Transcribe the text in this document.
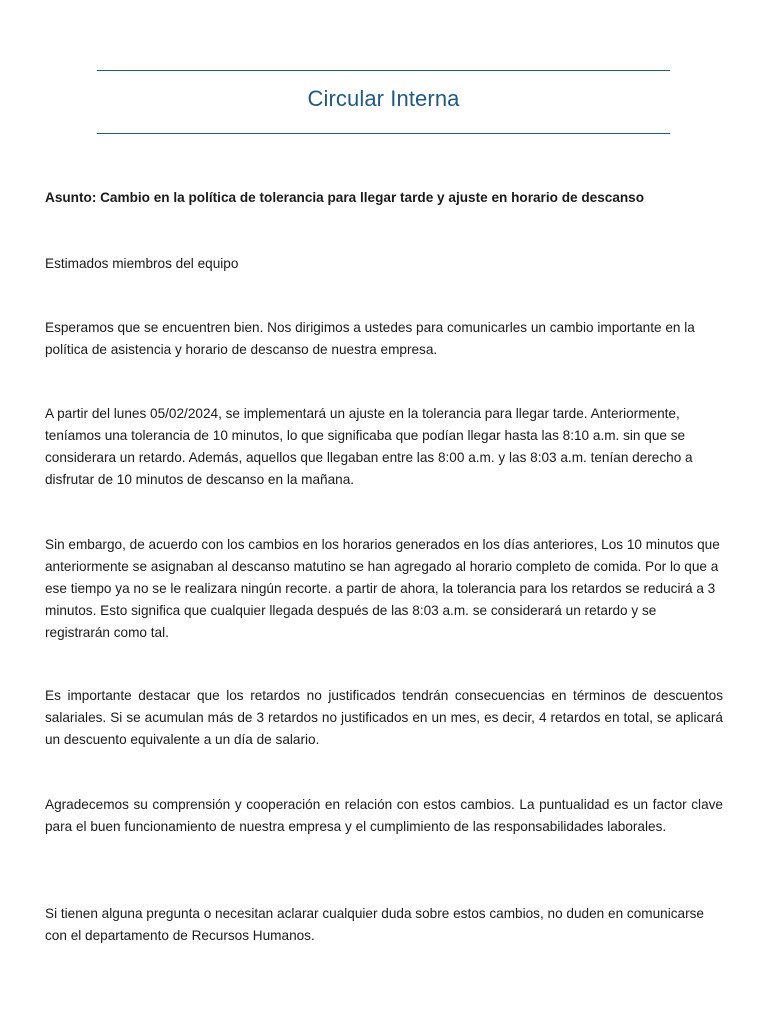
Circular Interna

Asunto: Cambio en la política de tolerancia para llegar tarde y ajuste en horario de descanso

Estimados miembros del equipo

Esperamos que se encuentren bien. Nos dirigimos a ustedes para comunicarles un cambio importante en la política de asistencia y horario de descanso de nuestra empresa.

A partir del lunes 05/02/2024, se implementará un ajuste en la tolerancia para llegar tarde. Anteriormente, teníamos una tolerancia de 10 minutos, lo que significaba que podían llegar hasta las 8:10 a.m. sin que se considerara un retardo. Además, aquellos que llegaban entre las 8:00 a.m. y las 8:03 a.m. tenían derecho a disfrutar de 10 minutos de descanso en la mañana.

Sin embargo, de acuerdo con los cambios en los horarios generados en los días anteriores, Los 10 minutos que anteriormente se asignaban al descanso matutino se han agregado al horario completo de comida. Por lo que a ese tiempo ya no se le realizara ningún recorte. a partir de ahora, la tolerancia para los retardos se reducirá a 3 minutos. Esto significa que cualquier llegada después de las 8:03 a.m. se considerará un retardo y se registrarán como tal.

Es importante destacar que los retardos no justificados tendrán consecuencias en términos de descuentos salariales. Si se acumulan más de 3 retardos no justificados en un mes, es decir, 4 retardos en total, se aplicará un descuento equivalente a un día de salario.

Agradecemos su comprensión y cooperación en relación con estos cambios. La puntualidad es un factor clave para el buen funcionamiento de nuestra empresa y el cumplimiento de las responsabilidades laborales.

Si tienen alguna pregunta o necesitan aclarar cualquier duda sobre estos cambios, no duden en comunicarse con el departamento de Recursos Humanos.
